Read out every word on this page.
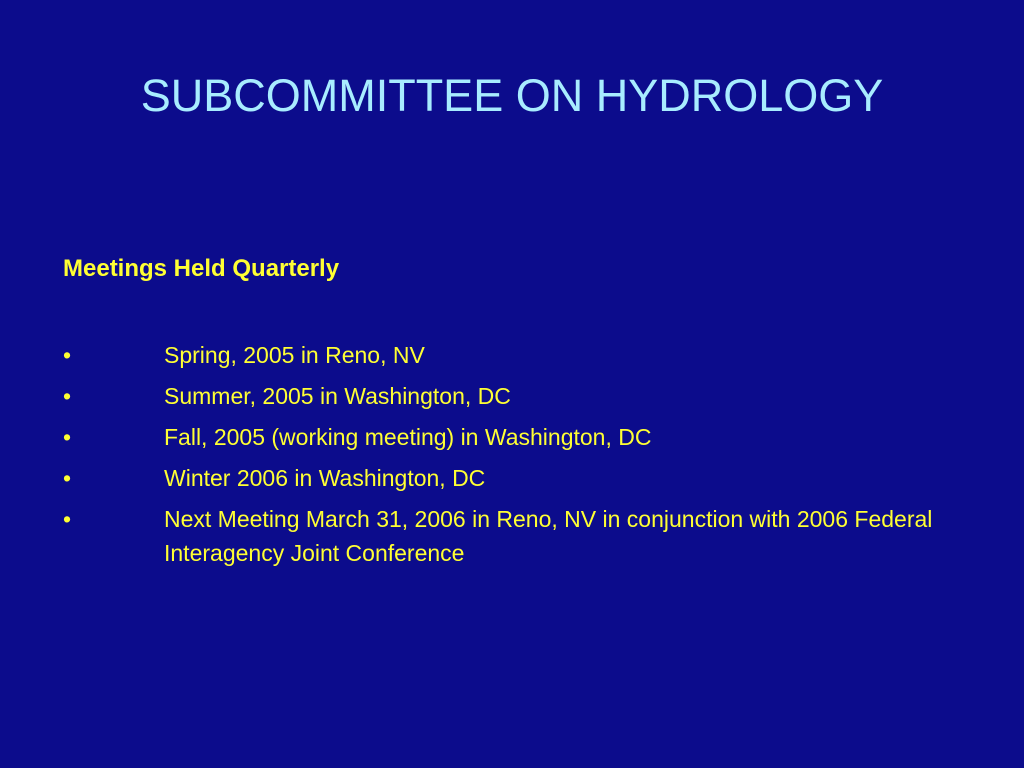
SUBCOMMITTEE ON HYDROLOGY
Meetings Held Quarterly
•	Spring, 2005 in Reno, NV
•	Summer, 2005 in Washington, DC
•	Fall, 2005 (working meeting) in Washington, DC
•	Winter 2006 in Washington, DC
•	Next Meeting March 31, 2006 in Reno, NV in conjunction with 2006 Federal Interagency Joint Conference
